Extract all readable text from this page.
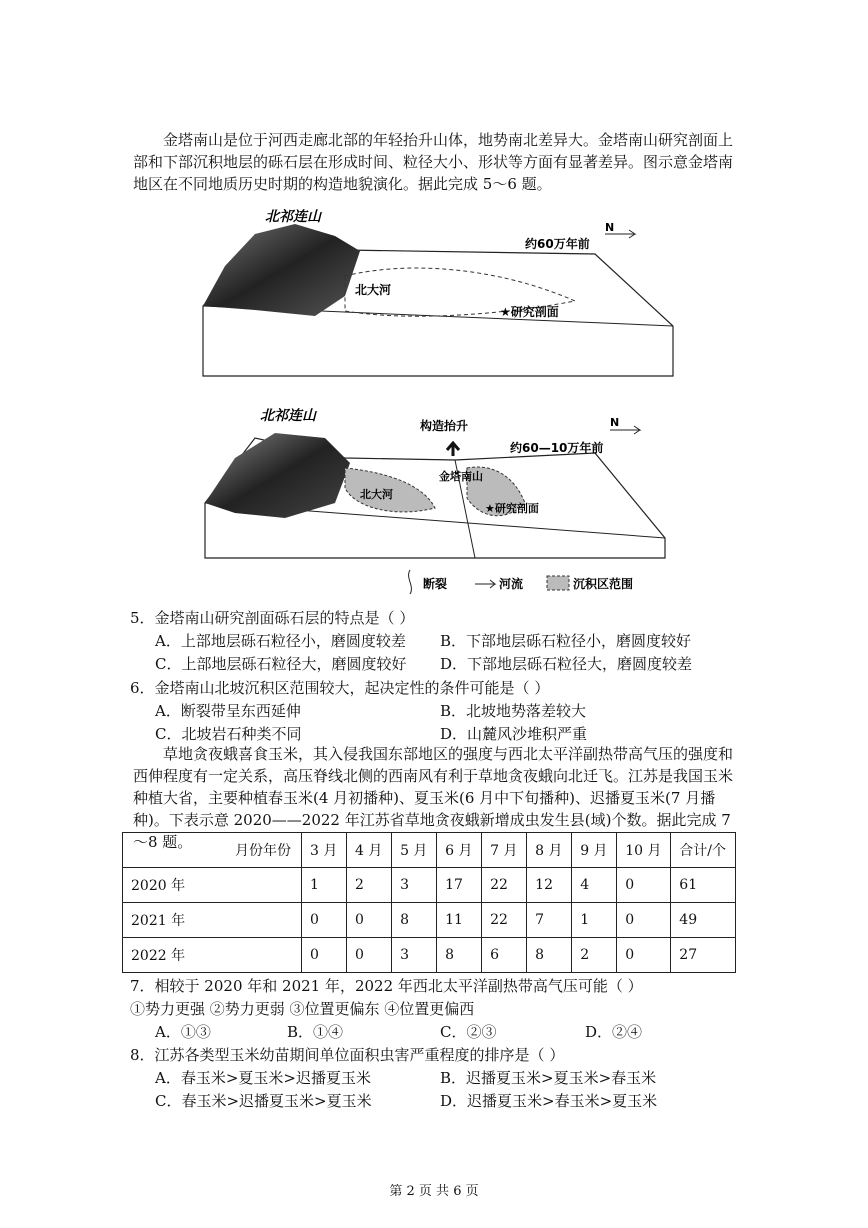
金塔南山是位于河西走廊北部的年轻抬升山体，地势南北差异大。金塔南山研究剖面上部和下部沉积地层的砾石层在形成时间、粒径大小、形状等方面有显著差异。图示意金塔南地区在不同地质历史时期的构造地貌演化。据此完成 5～6 题。

北祁连山
N
约60万年前
北大河
★研究剖面
北祁连山
构造抬升	N
约60—10万年前
北大河
金塔南山
★研究剖面
断裂	河流	沉积区范围
5．金塔南山研究剖面砾石层的特点是（ ）
A．上部地层砾石粒径小，磨圆度较差 B．下部地层砾石粒径小，磨圆度较好
C．上部地层砾石粒径大，磨圆度较好 D．下部地层砾石粒径大，磨圆度较差
6．金塔南山北坡沉积区范围较大，起决定性的条件可能是（ ）
A．断裂带呈东西延伸	B．北坡地势落差较大
C．北坡岩石种类不同	D．山麓风沙堆积严重

草地贪夜蛾喜食玉米，其入侵我国东部地区的强度与西北太平洋副热带高气压的强度和西伸程度有一定关系，高压脊线北侧的西南风有利于草地贪夜蛾向北迁飞。江苏是我国玉米种植大省，主要种植春玉米(4 月初播种)、夏玉米(6 月中下旬播种)、迟播夏玉米(7 月播种)。下表示意 2020——2022 年江苏省草地贪夜蛾新增成虫发生县(域)个数。据此完成 7～8 题。	月份年份	3 月	4 月	5 月	6 月	7 月	8 月	9 月	10 月	合计/个
2020 年	1	2	3	17	22	12	4	0	61
2021 年	0	0	8	11	22	7	1	0	49
2022 年	0	0	3	8	6	8	2	0	27
7．相较于 2020 年和 2021 年，2022 年西北太平洋副热带高气压可能（ ）
①势力更强 ②势力更弱 ③位置更偏东 ④位置更偏西
A．①③	B．①④	C．②③	D．②④
8．江苏各类型玉米幼苗期间单位面积虫害严重程度的排序是（ ）
A．春玉米>夏玉米>迟播夏玉米	B．迟播夏玉米>夏玉米>春玉米
C．春玉米>迟播夏玉米>夏玉米	D．迟播夏玉米>春玉米>夏玉米
第 2 页 共 6 页
